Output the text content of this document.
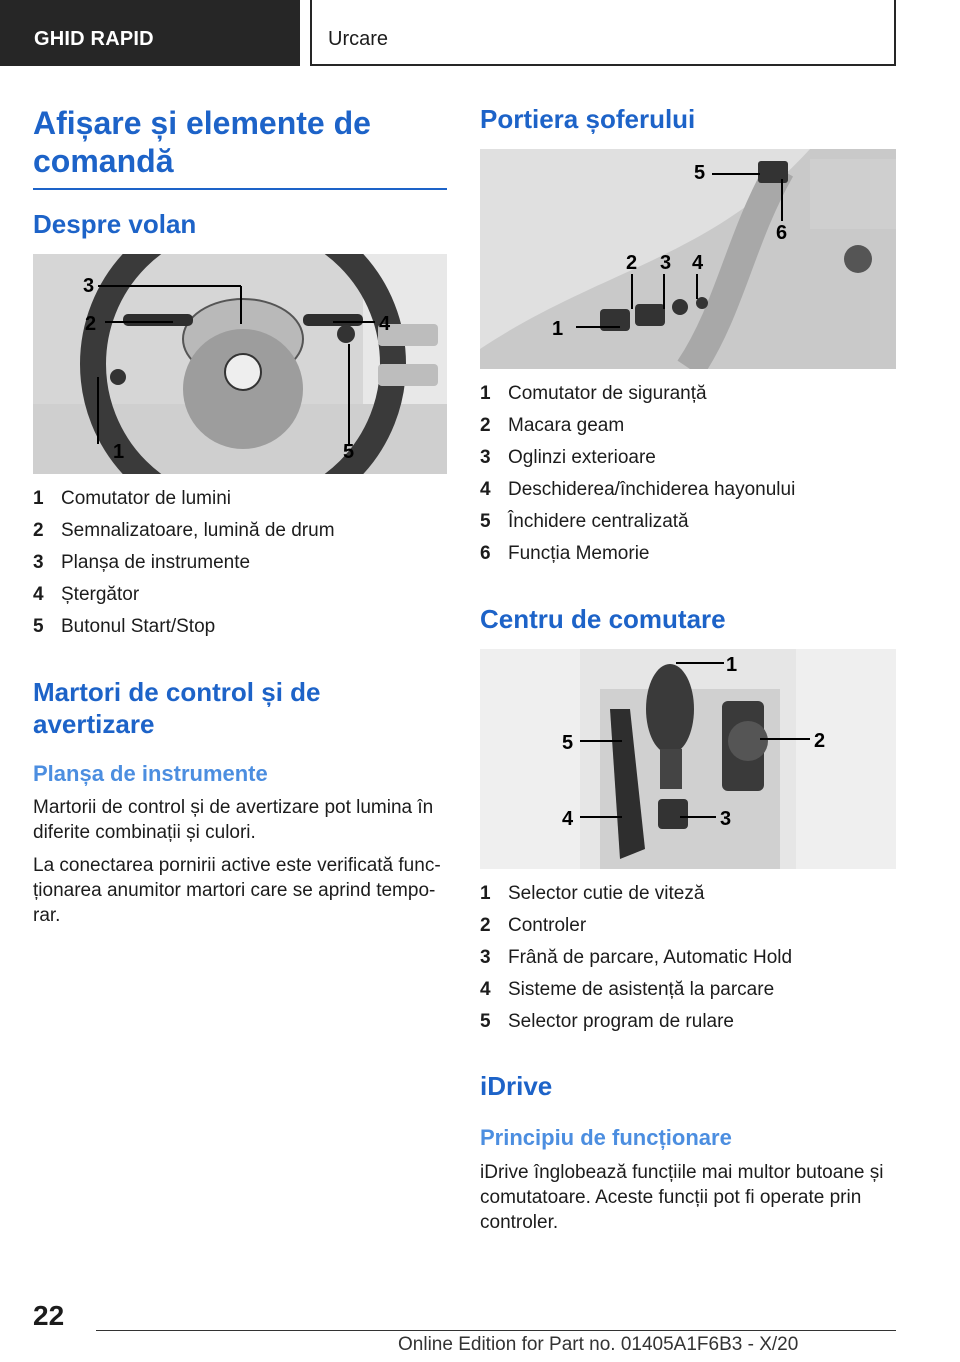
GHID RAPID	Urcare
Afișare și elemente de comandă
Despre volan
3
2	4
1	5
1 Comutator de lumini
2 Semnalizatoare, lumină de drum
3 Planșa de instrumente
4 Ștergător
5 Butonul Start/Stop
Martori de control și de avertizare
Planșa de instrumente

Martorii de control și de avertizare pot lumina în diferite combinații și culori.

La conectarea pornirii active este verificată func‐ționarea anumitor martori care se aprind tempo‐rar.

Portiera șoferului
1
2 3 4
5
6
1 Comutator de siguranță
2 Macara geam
3 Oglinzi exterioare
4 Deschiderea/închiderea hayonului
5 Închidere centralizată
6 Funcția Memorie
Centru de comutare
1
2
3
4
5
1 Selector cutie de viteză
2 Controler
3 Frână de parcare, Automatic Hold
4 Sisteme de asistență la parcare
5 Selector program de rulare
iDrive
Principiu de funcționare

iDrive înglobează funcțiile mai multor butoane și comutatoare. Aceste funcții pot fi operate prin controler.

22
Online Edition for Part no. 01405A1F6B3 - X/20
